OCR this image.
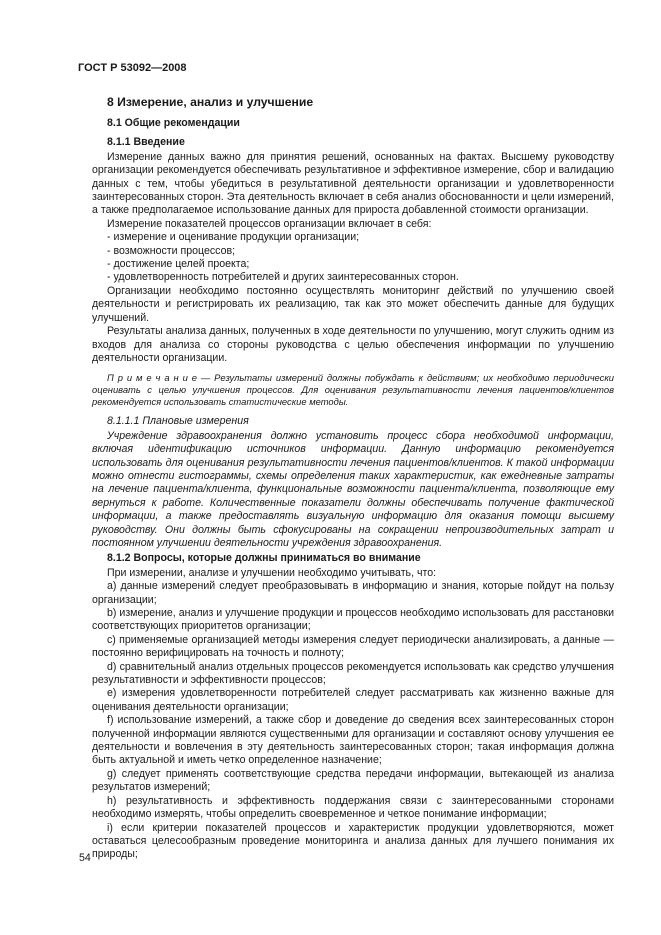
ГОСТ Р 53092—2008
8 Измерение, анализ и улучшение
8.1 Общие рекомендации
8.1.1 Введение

Измерение данных важно для принятия решений, основанных на фактах. Высшему руководству организации рекомендуется обеспечивать результативное и эффективное измерение, сбор и валидацию данных с тем, чтобы убедиться в результативной деятельности организации и удовлетворенности заинтересованных сторон. Эта деятельность включает в себя анализ обоснованности и цели измерений, а также предполагаемое использование данных для прироста добавленной стоимости организации.

Измерение показателей процессов организации включает в себя:

- измерение и оценивание продукции организации;

- возможности процессов;

- достижение целей проекта;

- удовлетворенность потребителей и других заинтересованных сторон.

Организации необходимо постоянно осуществлять мониторинг действий по улучшению своей деятельности и регистрировать их реализацию, так как это может обеспечить данные для будущих улучшений.

Результаты анализа данных, полученных в ходе деятельности по улучшению, могут служить одним из входов для анализа со стороны руководства с целью обеспечения информации по улучшению деятельности организации.

П р и м е ч а н и е — Результаты измерений должны побуждать к действиям; их необходимо периодически оценивать с целью улучшения процессов. Для оценивания результативности лечения пациентов/клиентов рекомендуется использовать статистические методы.
8.1.1.1 Плановые измерения

Учреждение здравоохранения должно установить процесс сбора необходимой информации, включая идентификацию источников информации. Данную информацию рекомендуется использовать для оценивания результативности лечения пациентов/клиентов. К такой информации можно отнести гистограммы, схемы определения таких характеристик, как ежедневные затраты на лечение пациента/клиента, функциональные возможности пациента/клиента, позволяющие ему вернуться к работе. Количественные показатели должны обеспечивать получение фактической информации, а также предоставлять визуальную информацию для оказания помощи высшему руководству. Они должны быть сфокусированы на сокращении непроизводительных затрат и постоянном улучшении деятельности учреждения здравоохранения.

8.1.2 Вопросы, которые должны приниматься во внимание

При измерении, анализе и улучшении необходимо учитывать, что:

a) данные измерений следует преобразовывать в информацию и знания, которые пойдут на пользу организации;

b) измерение, анализ и улучшение продукции и процессов необходимо использовать для расстановки соответствующих приоритетов организации;

c) применяемые организацией методы измерения следует периодически анализировать, а данные — постоянно верифицировать на точность и полноту;

d) сравнительный анализ отдельных процессов рекомендуется использовать как средство улучшения результативности и эффективности процессов;

e) измерения удовлетворенности потребителей следует рассматривать как жизненно важные для оценивания деятельности организации;

f) использование измерений, а также сбор и доведение до сведения всех заинтересованных сторон полученной информации являются существенными для организации и составляют основу улучшения ее деятельности и вовлечения в эту деятельность заинтересованных сторон; такая информация должна быть актуальной и иметь четко определенное назначение;

g) следует применять соответствующие средства передачи информации, вытекающей из анализа результатов измерений;

h) результативность и эффективность поддержания связи с заинтересованными сторонами необходимо измерять, чтобы определить своевременное и четкое понимание информации;

i) если критерии показателей процессов и характеристик продукции удовлетворяются, может оставаться целесообразным проведение мониторинга и анализа данных для лучшего понимания их природы;

54
